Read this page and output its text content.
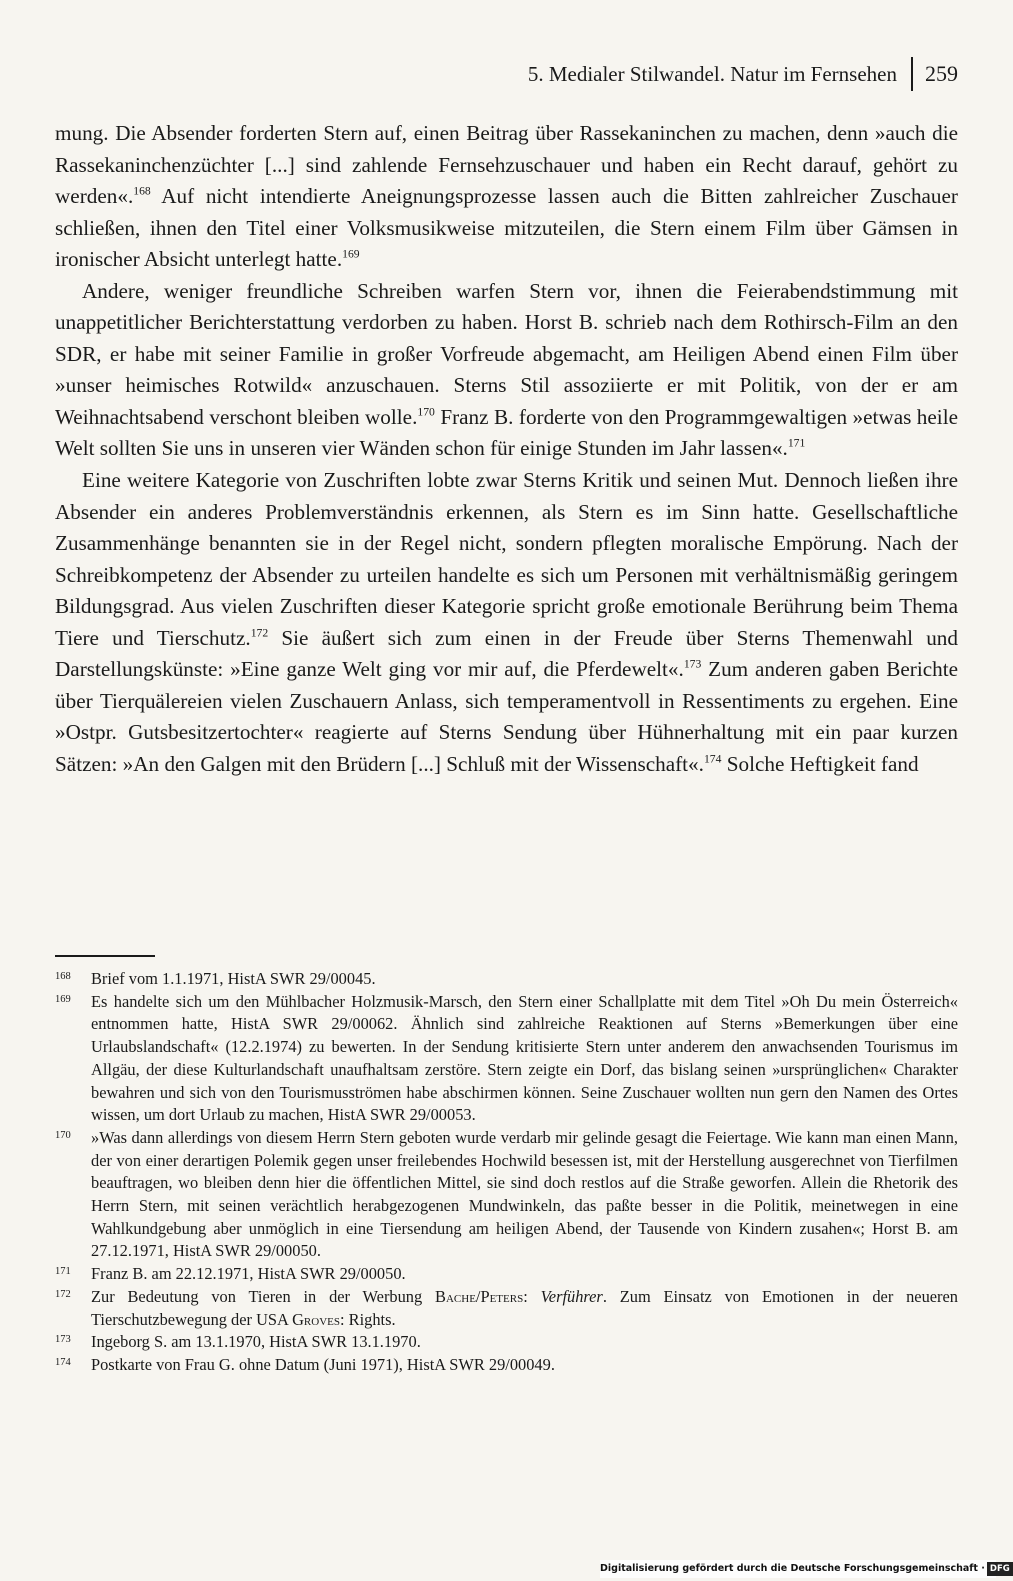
5. Medialer Stilwandel. Natur im Fernsehen 259

mung. Die Absender forderten Stern auf, einen Beitrag über Rassekaninchen zu machen, denn »auch die Rassekaninchenzüchter [...] sind zahlende Fernsehzuschauer und haben ein Recht darauf, gehört zu werden«.$^{168}$ Auf nicht intendierte Aneignungsprozesse lassen auch die Bitten zahlreicher Zuschauer schließen, ihnen den Titel einer Volksmusikweise mitzuteilen, die Stern einem Film über Gämsen in ironischer Absicht unterlegt hatte.$^{169}$

Andere, weniger freundliche Schreiben warfen Stern vor, ihnen die Feierabendstimmung mit unappetitlicher Berichterstattung verdorben zu haben. Horst B. schrieb nach dem Rothirsch-Film an den SDR, er habe mit seiner Familie in großer Vorfreude abgemacht, am Heiligen Abend einen Film über »unser heimisches Rotwild« anzuschauen. Sterns Stil assoziierte er mit Politik, von der er am Weihnachtsabend verschont bleiben wolle.$^{170}$ Franz B. forderte von den Programmgewaltigen »etwas heile Welt sollten Sie uns in unseren vier Wänden schon für einige Stunden im Jahr lassen«.$^{171}$

Eine weitere Kategorie von Zuschriften lobte zwar Sterns Kritik und seinen Mut. Dennoch ließen ihre Absender ein anderes Problemverständnis erkennen, als Stern es im Sinn hatte. Gesellschaftliche Zusammenhänge benannten sie in der Regel nicht, sondern pflegten moralische Empörung. Nach der Schreibkompetenz der Absender zu urteilen handelte es sich um Personen mit verhältnismäßig geringem Bildungsgrad. Aus vielen Zuschriften dieser Kategorie spricht große emotionale Berührung beim Thema Tiere und Tierschutz.$^{172}$ Sie äußert sich zum einen in der Freude über Sterns Themenwahl und Darstellungskünste: »Eine ganze Welt ging vor mir auf, die Pferdewelt«.$^{173}$ Zum anderen gaben Berichte über Tierquälereien vielen Zuschauern Anlass, sich temperamentvoll in Ressentiments zu ergehen. Eine »Ostpr. Gutsbesitzertochter« reagierte auf Sterns Sendung über Hühnerhaltung mit ein paar kurzen Sätzen: »An den Galgen mit den Brüdern [...] Schluß mit der Wissenschaft«.$^{174}$ Solche Heftigkeit fand

168	Brief vom 1.1.1971, HistA SWR 29/00045.

169	Es handelte sich um den Mühlbacher Holzmusik-Marsch, den Stern einer Schallplatte mit dem Titel »Oh Du mein Österreich« entnommen hatte, HistA SWR 29/00062. Ähnlich sind zahlreiche Reaktionen auf Sterns »Bemerkungen über eine Urlaubslandschaft« (12.2.1974) zu bewerten. In der Sendung kritisierte Stern unter anderem den anwachsenden Tourismus im Allgäu, der diese Kulturlandschaft unaufhaltsam zerstöre. Stern zeigte ein Dorf, das bislang seinen »ursprünglichen« Charakter bewahren und sich von den Tourismusströmen habe abschirmen können. Seine Zuschauer wollten nun gern den Namen des Ortes wissen, um dort Urlaub zu machen, HistA SWR 29/00053.

170	»Was dann allerdings von diesem Herrn Stern geboten wurde verdarb mir gelinde gesagt die Feiertage. Wie kann man einen Mann, der von einer derartigen Polemik gegen unser freilebendes Hochwild besessen ist, mit der Herstellung ausgerechnet von Tierfilmen beauftragen, wo bleiben denn hier die öffentlichen Mittel, sie sind doch restlos auf die Straße geworfen. Allein die Rhetorik des Herrn Stern, mit seinen verächtlich herabgezogenen Mundwinkeln, das paßte besser in die Politik, meinetwegen in eine Wahlkundgebung aber unmöglich in eine Tiersendung am heiligen Abend, der Tausende von Kindern zusahen«; Horst B. am 27.12.1971, HistA SWR 29/00050.

171	Franz B. am 22.12.1971, HistA SWR 29/00050.

172	Zur Bedeutung von Tieren in der Werbung Bache/Peters: Verführer. Zum Einsatz von Emotionen in der neueren Tierschutzbewegung der USA Groves: Rights.

173	Ingeborg S. am 13.1.1970, HistA SWR 13.1.1970.

174	Postkarte von Frau G. ohne Datum (Juni 1971), HistA SWR 29/00049.

Digitalisierung gefördert durch die Deutsche Forschungsgemeinschaft · DFG
